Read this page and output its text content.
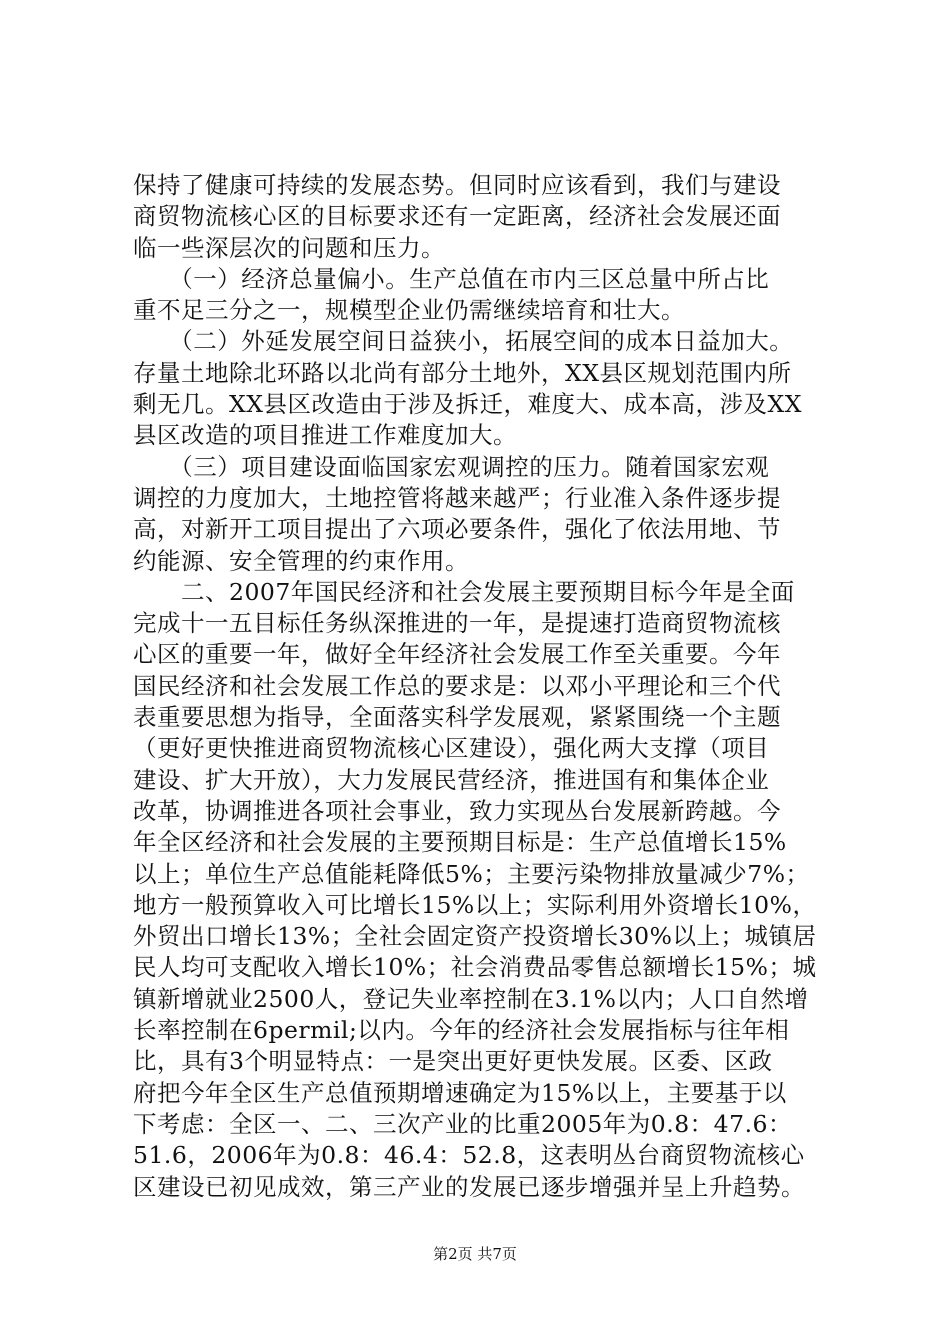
保持了健康可持续的发展态势。但同时应该看到，我们与建设
商贸物流核心区的目标要求还有一定距离，经济社会发展还面
临一些深层次的问题和压力。
　　（一）经济总量偏小。生产总值在市内三区总量中所占比
重不足三分之一，规模型企业仍需继续培育和壮大。
　　（二）外延发展空间日益狭小，拓展空间的成本日益加大。
存量土地除北环路以北尚有部分土地外，XX县区规划范围内所
剩无几。XX县区改造由于涉及拆迁，难度大、成本高，涉及XX
县区改造的项目推进工作难度加大。
　　（三）项目建设面临国家宏观调控的压力。随着国家宏观
调控的力度加大，土地控管将越来越严；行业准入条件逐步提
高，对新开工项目提出了六项必要条件，强化了依法用地、节
约能源、安全管理的约束作用。
　　二、2007年国民经济和社会发展主要预期目标今年是全面
完成十一五目标任务纵深推进的一年，是提速打造商贸物流核
心区的重要一年，做好全年经济社会发展工作至关重要。今年
国民经济和社会发展工作总的要求是：以邓小平理论和三个代
表重要思想为指导，全面落实科学发展观，紧紧围绕一个主题
（更好更快推进商贸物流核心区建设），强化两大支撑（项目
建设、扩大开放），大力发展民营经济，推进国有和集体企业
改革，协调推进各项社会事业，致力实现丛台发展新跨越。今
年全区经济和社会发展的主要预期目标是：生产总值增长15%
以上；单位生产总值能耗降低5%；主要污染物排放量减少7%；
地方一般预算收入可比增长15%以上；实际利用外资增长10%，
外贸出口增长13%；全社会固定资产投资增长30%以上；城镇居
民人均可支配收入增长10%；社会消费品零售总额增长15%；城
镇新增就业2500人，登记失业率控制在3.1%以内；人口自然增
长率控制在6permil;以内。今年的经济社会发展指标与往年相
比，具有3个明显特点：一是突出更好更快发展。区委、区政
府把今年全区生产总值预期增速确定为15%以上，主要基于以
下考虑：全区一、二、三次产业的比重2005年为0.8：47.6：
51.6，2006年为0.8：46.4：52.8，这表明丛台商贸物流核心
区建设已初见成效，第三产业的发展已逐步增强并呈上升趋势。
第2页 共7页
